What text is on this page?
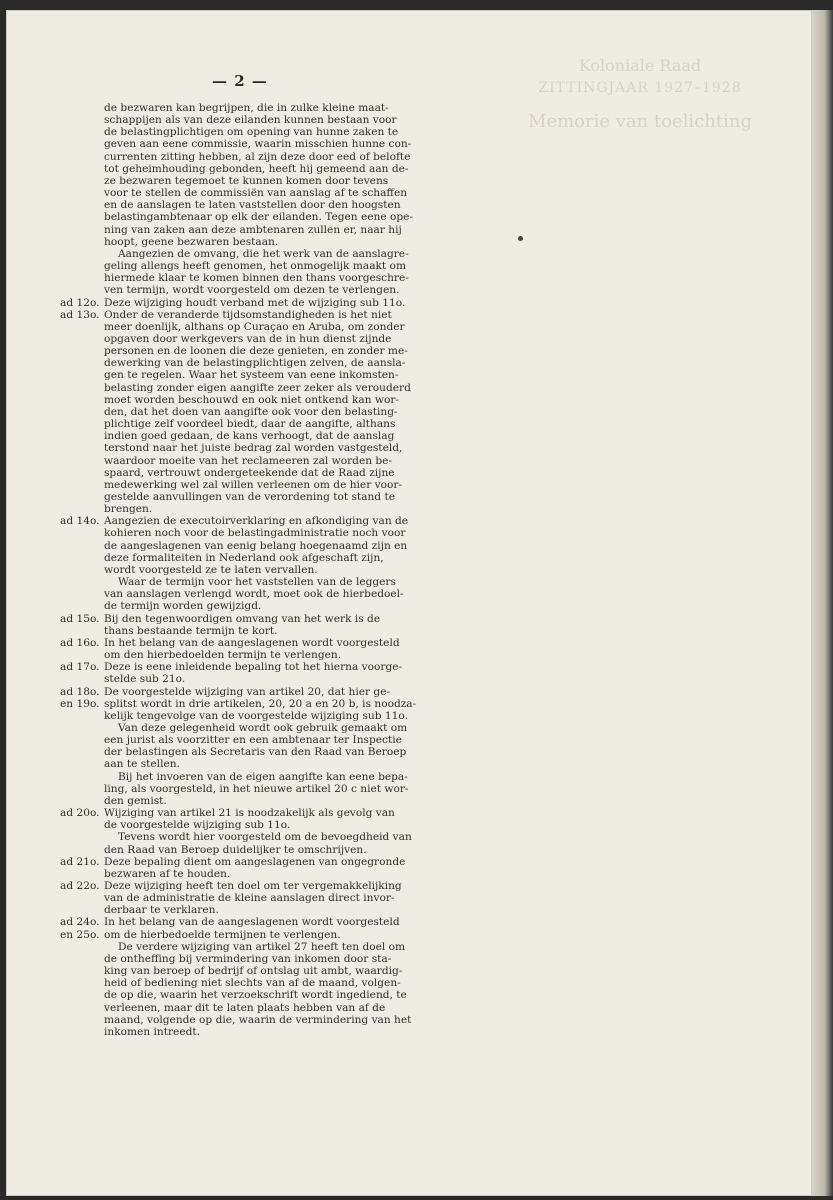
Koloniale Raad
ZITTINGJAAR 1927–1928
Memorie van toelichting
— 2 —
de bezwaren kan begrijpen, die in zulke kleine maat-
schappijen als van deze eilanden kunnen bestaan voor
de belastingplichtigen om opening van hunne zaken te
geven aan eene commissie, waarin misschien hunne con-
currenten zitting hebben, al zijn deze door eed of belofte
tot geheimhouding gebonden, heeft hij gemeend aan de-
ze bezwaren tegemoet te kunnen komen door tevens
voor te stellen de commissiën van aanslag af te schaffen
en de aanslagen te laten vaststellen door den hoogsten
belastingambtenaar op elk der eilanden. Tegen eene ope-
ning van zaken aan deze ambtenaren zullen er, naar hij
hoopt, geene bezwaren bestaan.
Aangezien de omvang, die het werk van de aanslagre-
geling allengs heeft genomen, het onmogelijk maakt om
hiermede klaar te komen binnen den thans voorgeschre-
ven termijn, wordt voorgesteld om dezen te verlengen.
ad 12o. Deze wijziging houdt verband met de wijziging sub 11o.
ad 13o. Onder de veranderde tijdsomstandigheden is het niet
meer doenlijk, althans op Curaçao en Aruba, om zonder
opgaven door werkgevers van de in hun dienst zijnde
personen en de loonen die deze genieten, en zonder me-
dewerking van de belastingplichtigen zelven, de aansla-
gen te regelen. Waar het systeem van eene inkomsten-
belasting zonder eigen aangifte zeer zeker als verouderd
moet worden beschouwd en ook niet ontkend kan wor-
den, dat het doen van aangifte ook voor den belasting-
plichtige zelf voordeel biedt, daar de aangifte, althans
indien goed gedaan, de kans verhoogt, dat de aanslag
terstond naar het juiste bedrag zal worden vastgesteld,
waardoor moeite van het reclameeren zal worden be-
spaard, vertrouwt ondergeteekende dat de Raad zijne
medewerking wel zal willen verleenen om de hier voor-
gestelde aanvullingen van de verordening tot stand te
brengen.
ad 14o. Aangezien de executoirverklaring en afkondiging van de
kohieren noch voor de belastingadministratie noch voor
de aangeslagenen van eenig belang hoegenaamd zijn en
deze formaliteiten in Nederland ook afgeschaft zijn,
wordt voorgesteld ze te laten vervallen.
Waar de termijn voor het vaststellen van de leggers
van aanslagen verlengd wordt, moet ook de hierbedoel-
de termijn worden gewijzigd.
ad 15o. Bij den tegenwoordigen omvang van het werk is de
thans bestaande termijn te kort.
ad 16o. In het belang van de aangeslagenen wordt voorgesteld
om den hierbedoelden termijn te verlengen.
ad 17o. Deze is eene inleidende bepaling tot het hierna voorge-
stelde sub 21o.
ad 18o. De voorgestelde wijziging van artikel 20, dat hier ge-
en 19o. splitst wordt in drie artikelen, 20, 20 a en 20 b, is noodza-
kelijk tengevolge van de voorgestelde wijziging sub 11o.
Van deze gelegenheid wordt ook gebruik gemaakt om
een jurist als voorzitter en een ambtenaar ter Inspectie
der belastingen als Secretaris van den Raad van Beroep
aan te stellen.
Bij het invoeren van de eigen aangifte kan eene bepa-
ling, als voorgesteld, in het nieuwe artikel 20 c niet wor-
den gemist.
ad 20o. Wijziging van artikel 21 is noodzakelijk als gevolg van
de voorgestelde wijziging sub 11o.
Tevens wordt hier voorgesteld om de bevoegdheid van
den Raad van Beroep duidelijker te omschrijven.
ad 21o. Deze bepaling dient om aangeslagenen van ongegronde
bezwaren af te houden.
ad 22o. Deze wijziging heeft ten doel om ter vergemakkelijking
van de administratie de kleine aanslagen direct invor-
derbaar te verklaren.
ad 24o. In het belang van de aangeslagenen wordt voorgesteld
en 25o. om de hierbedoelde termijnen te verlengen.
De verdere wijziging van artikel 27 heeft ten doel om
de ontheffing bij vermindering van inkomen door sta-
king van beroep of bedrijf of ontslag uit ambt, waardig-
heid of bediening niet slechts van af de maand, volgen-
de op die, waarin het verzoekschrift wordt ingediend, te
verleenen, maar dit te laten plaats hebben van af de
maand, volgende op die, waarin de vermindering van het
inkomen intreedt.
